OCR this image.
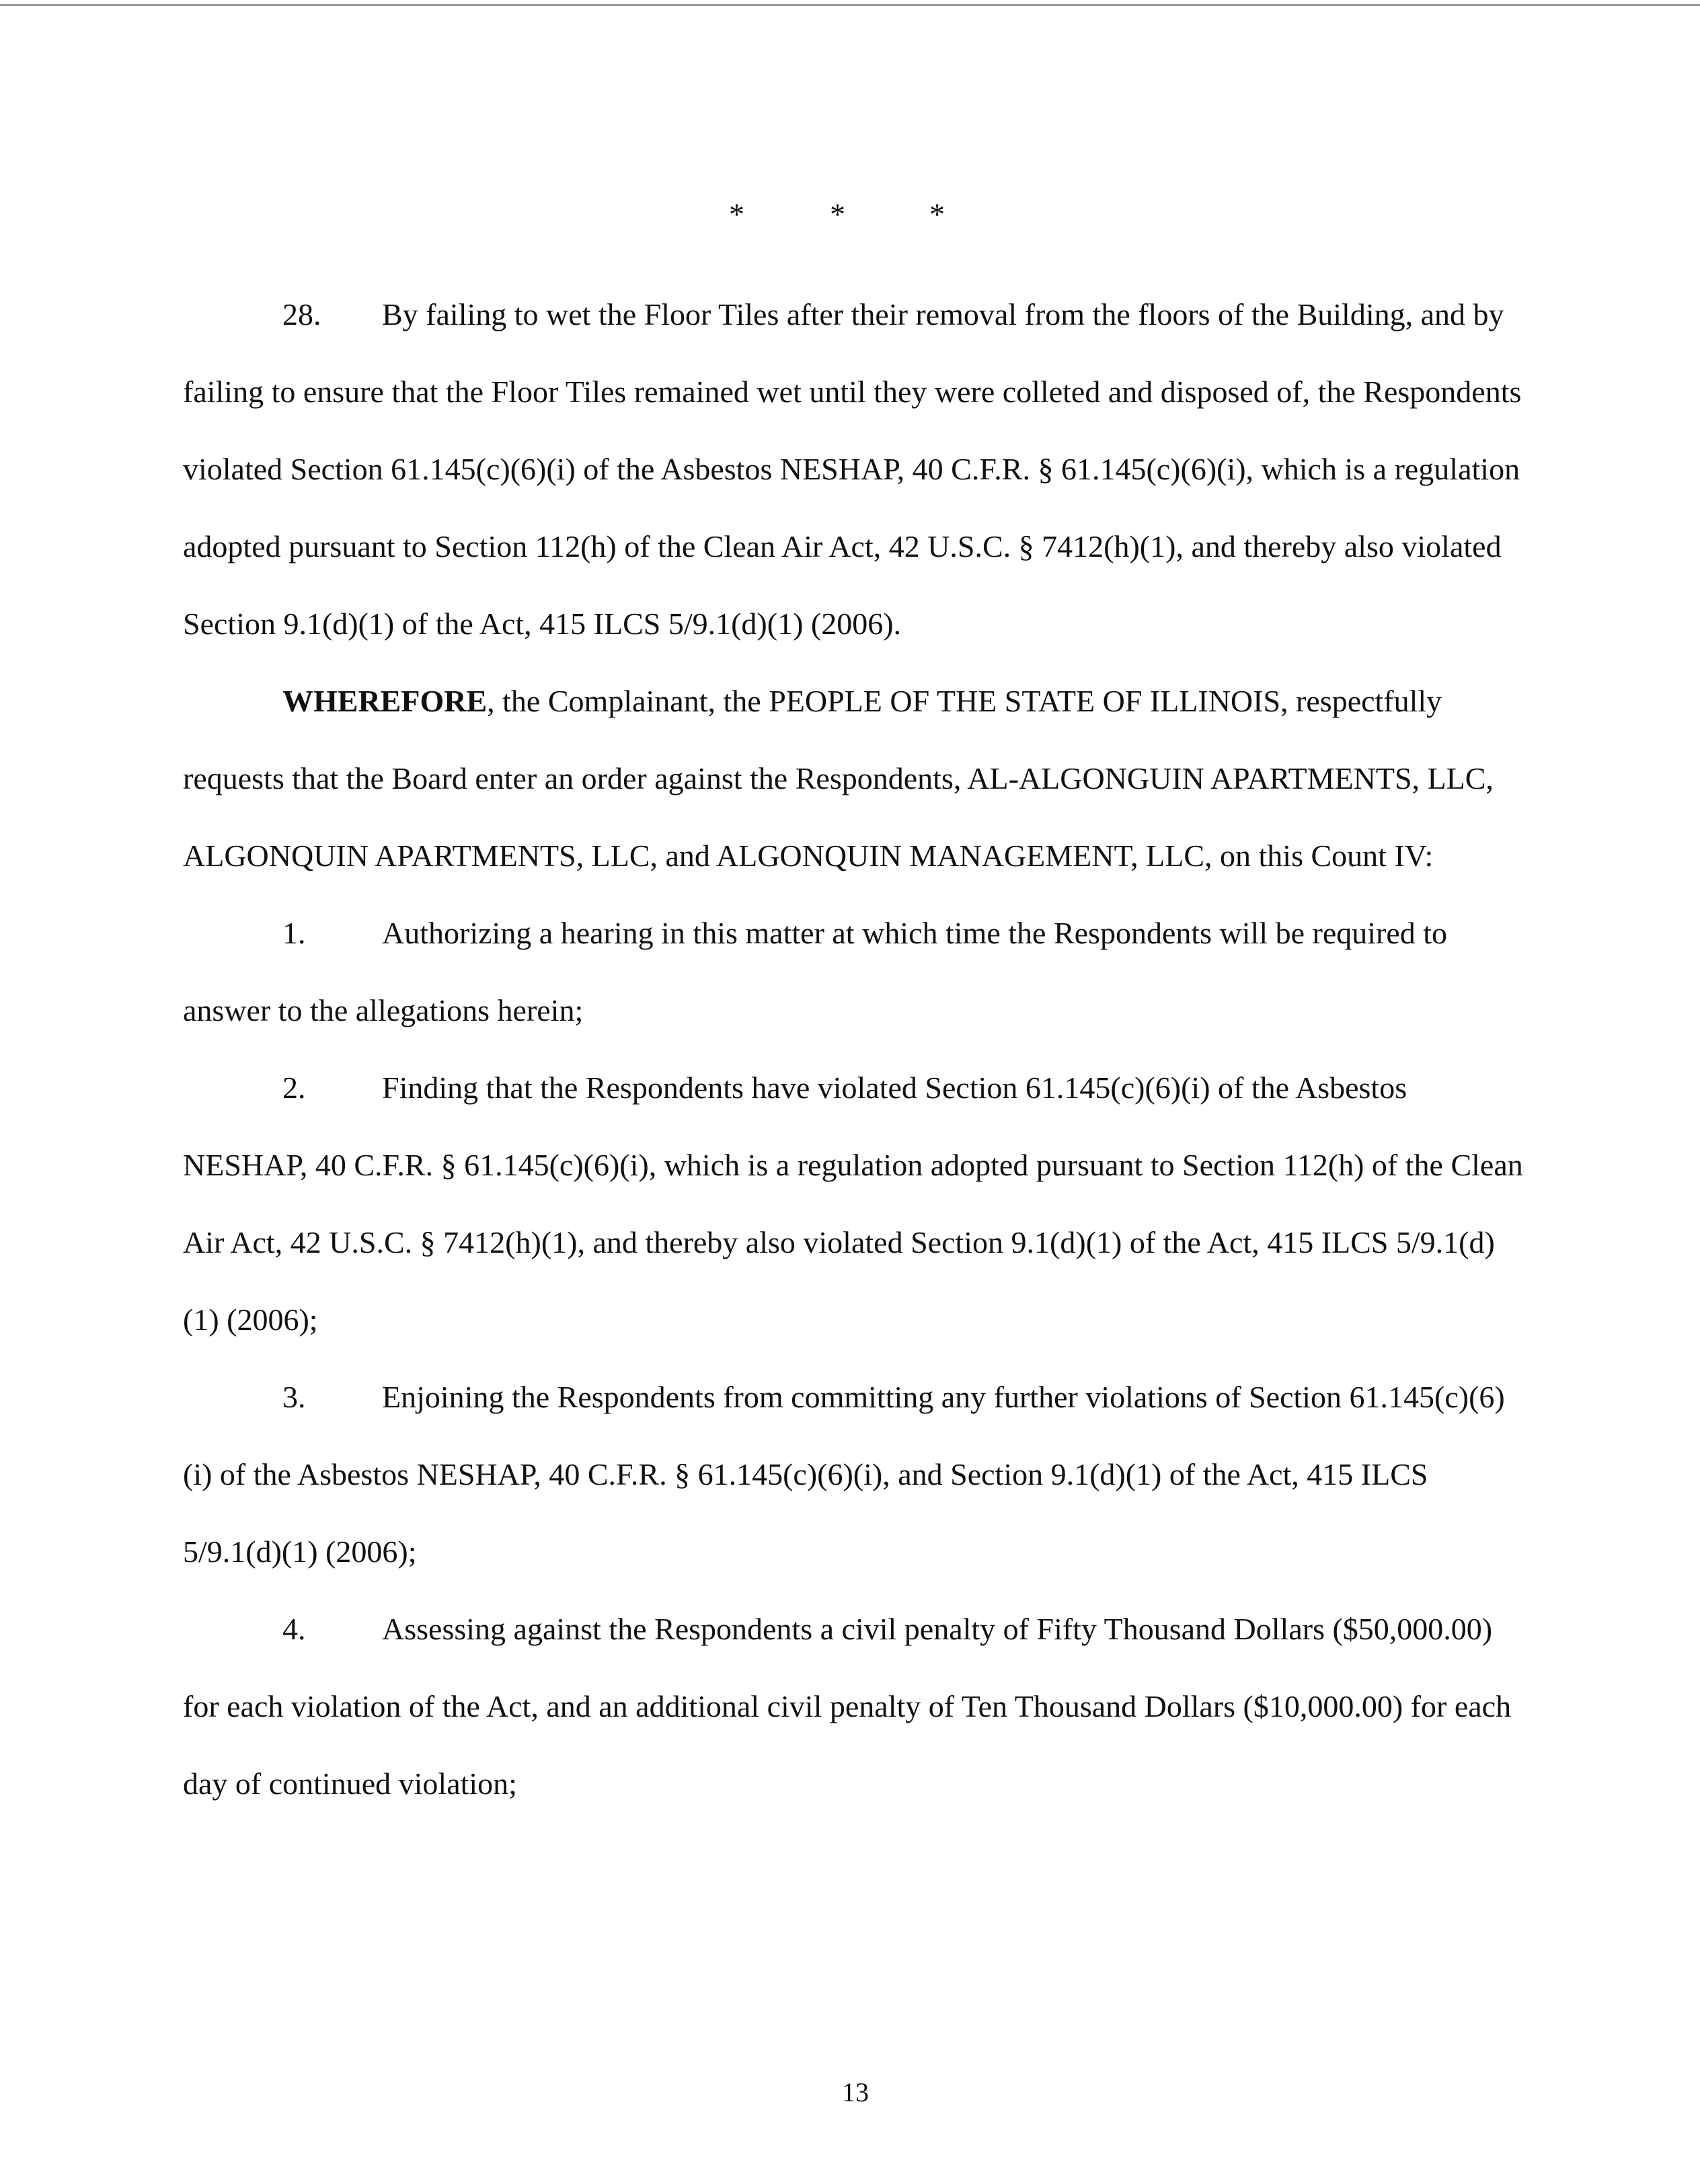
*	*	*

28. By failing to wet the Floor Tiles after their removal from the floors of the Building, and by failing to ensure that the Floor Tiles remained wet until they were colleted and disposed of, the Respondents violated Section 61.145(c)(6)(i) of the Asbestos NESHAP, 40 C.F.R. § 61.145(c)(6)(i), which is a regulation adopted pursuant to Section 112(h) of the Clean Air Act, 42 U.S.C. § 7412(h)(1), and thereby also violated Section 9.1(d)(1) of the Act, 415 ILCS 5/9.1(d)(1) (2006).

WHEREFORE, the Complainant, the PEOPLE OF THE STATE OF ILLINOIS, respectfully requests that the Board enter an order against the Respondents, AL-ALGONGUIN APARTMENTS, LLC, ALGONQUIN APARTMENTS, LLC, and ALGONQUIN MANAGEMENT, LLC, on this Count IV:

1. Authorizing a hearing in this matter at which time the Respondents will be required to answer to the allegations herein;

2. Finding that the Respondents have violated Section 61.145(c)(6)(i) of the Asbestos NESHAP, 40 C.F.R. § 61.145(c)(6)(i), which is a regulation adopted pursuant to Section 112(h) of the Clean Air Act, 42 U.S.C. § 7412(h)(1), and thereby also violated Section 9.1(d)(1) of the Act, 415 ILCS 5/9.1(d)(1) (2006);

3. Enjoining the Respondents from committing any further violations of Section 61.145(c)(6)(i) of the Asbestos NESHAP, 40 C.F.R. § 61.145(c)(6)(i), and Section 9.1(d)(1) of the Act, 415 ILCS 5/9.1(d)(1) (2006);

4. Assessing against the Respondents a civil penalty of Fifty Thousand Dollars ($50,000.00) for each violation of the Act, and an additional civil penalty of Ten Thousand Dollars ($10,000.00) for each day of continued violation;

13
